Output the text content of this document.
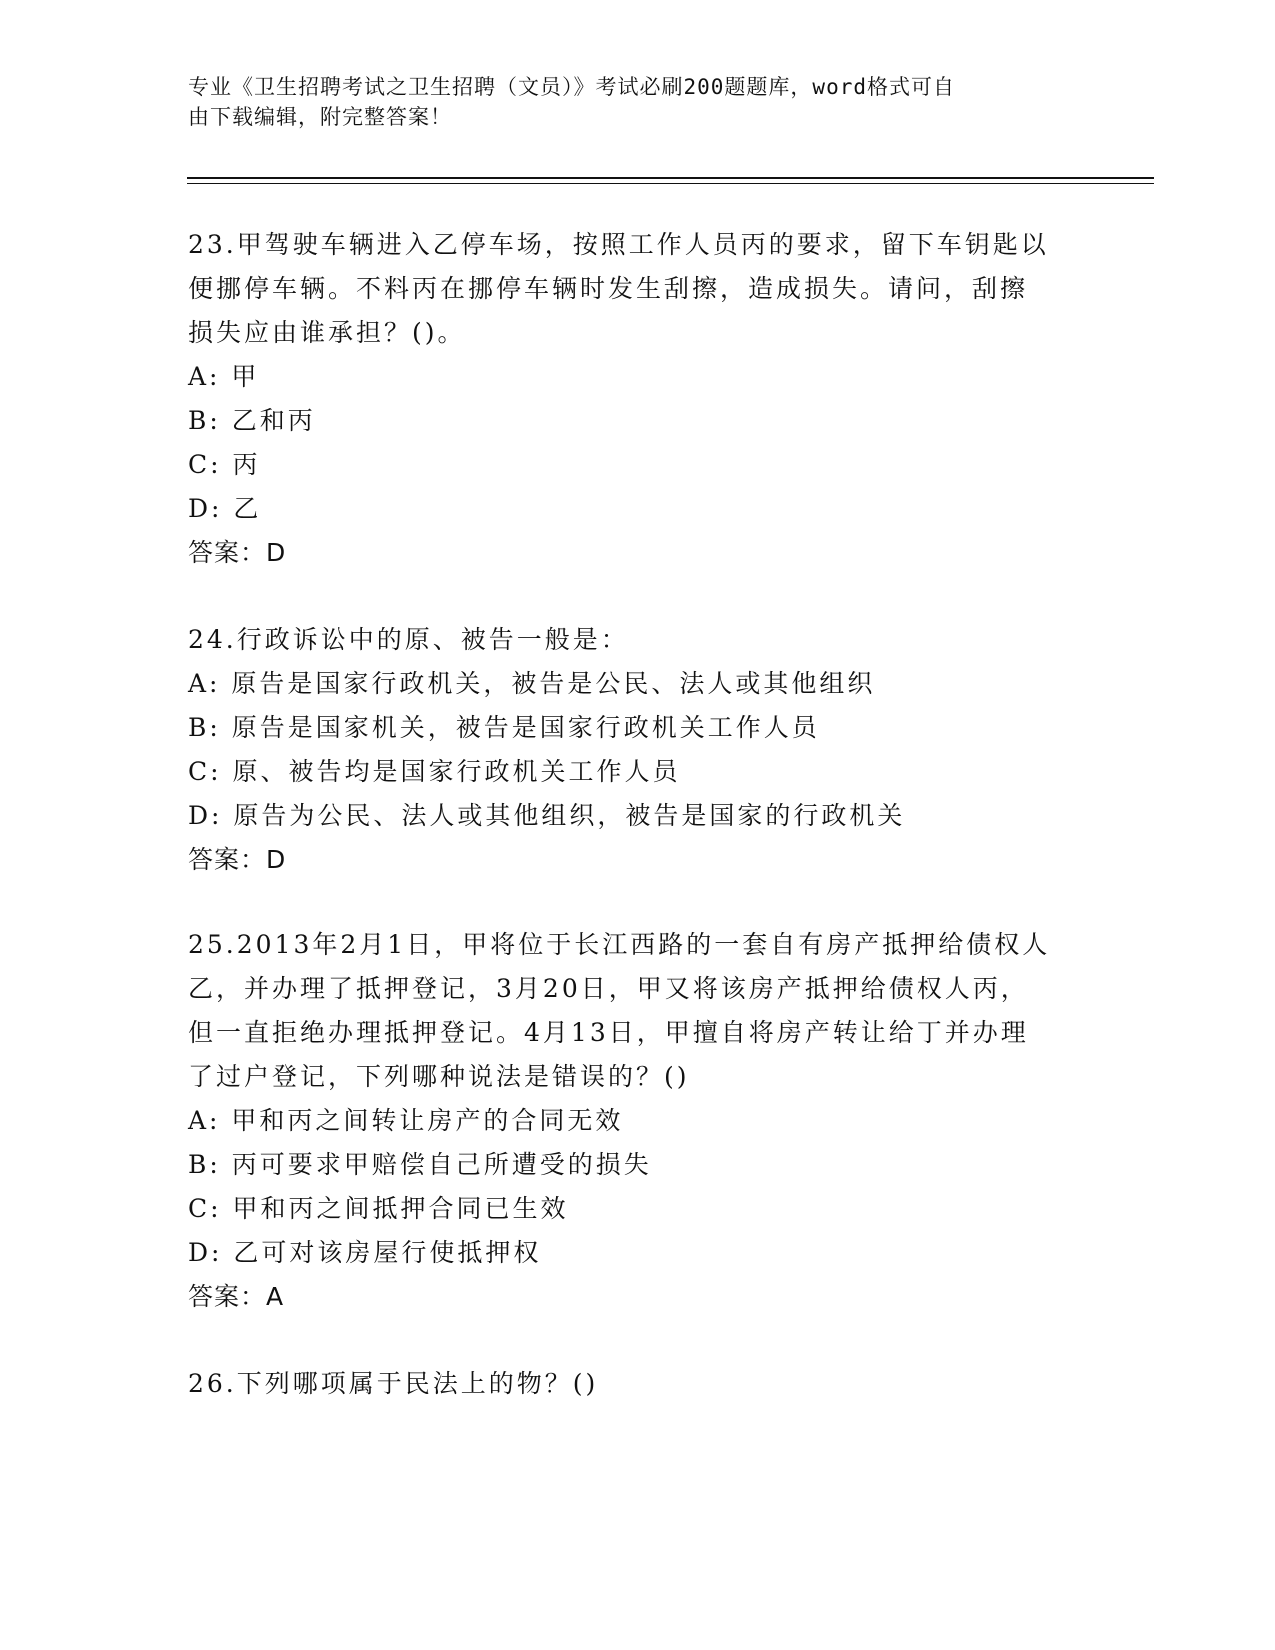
专业《卫生招聘考试之卫生招聘（文员）》考试必刷200题题库，word格式可自
由下载编辑，附完整答案！
23.甲驾驶车辆进入乙停车场，按照工作人员丙的要求，留下车钥匙以
便挪停车辆。不料丙在挪停车辆时发生刮擦，造成损失。请问，刮擦
损失应由谁承担？()。
A: 甲
B: 乙和丙
C: 丙
D: 乙
答案：D
24.行政诉讼中的原、被告一般是：
A: 原告是国家行政机关，被告是公民、法人或其他组织
B: 原告是国家机关，被告是国家行政机关工作人员
C: 原、被告均是国家行政机关工作人员
D: 原告为公民、法人或其他组织，被告是国家的行政机关
答案：D
25.2013年2月1日，甲将位于长江西路的一套自有房产抵押给债权人
乙，并办理了抵押登记，3月20日，甲又将该房产抵押给债权人丙，
但一直拒绝办理抵押登记。4月13日，甲擅自将房产转让给丁并办理
了过户登记，下列哪种说法是错误的？()
A: 甲和丙之间转让房产的合同无效
B: 丙可要求甲赔偿自己所遭受的损失
C: 甲和丙之间抵押合同已生效
D: 乙可对该房屋行使抵押权
答案：A
26.下列哪项属于民法上的物？()
